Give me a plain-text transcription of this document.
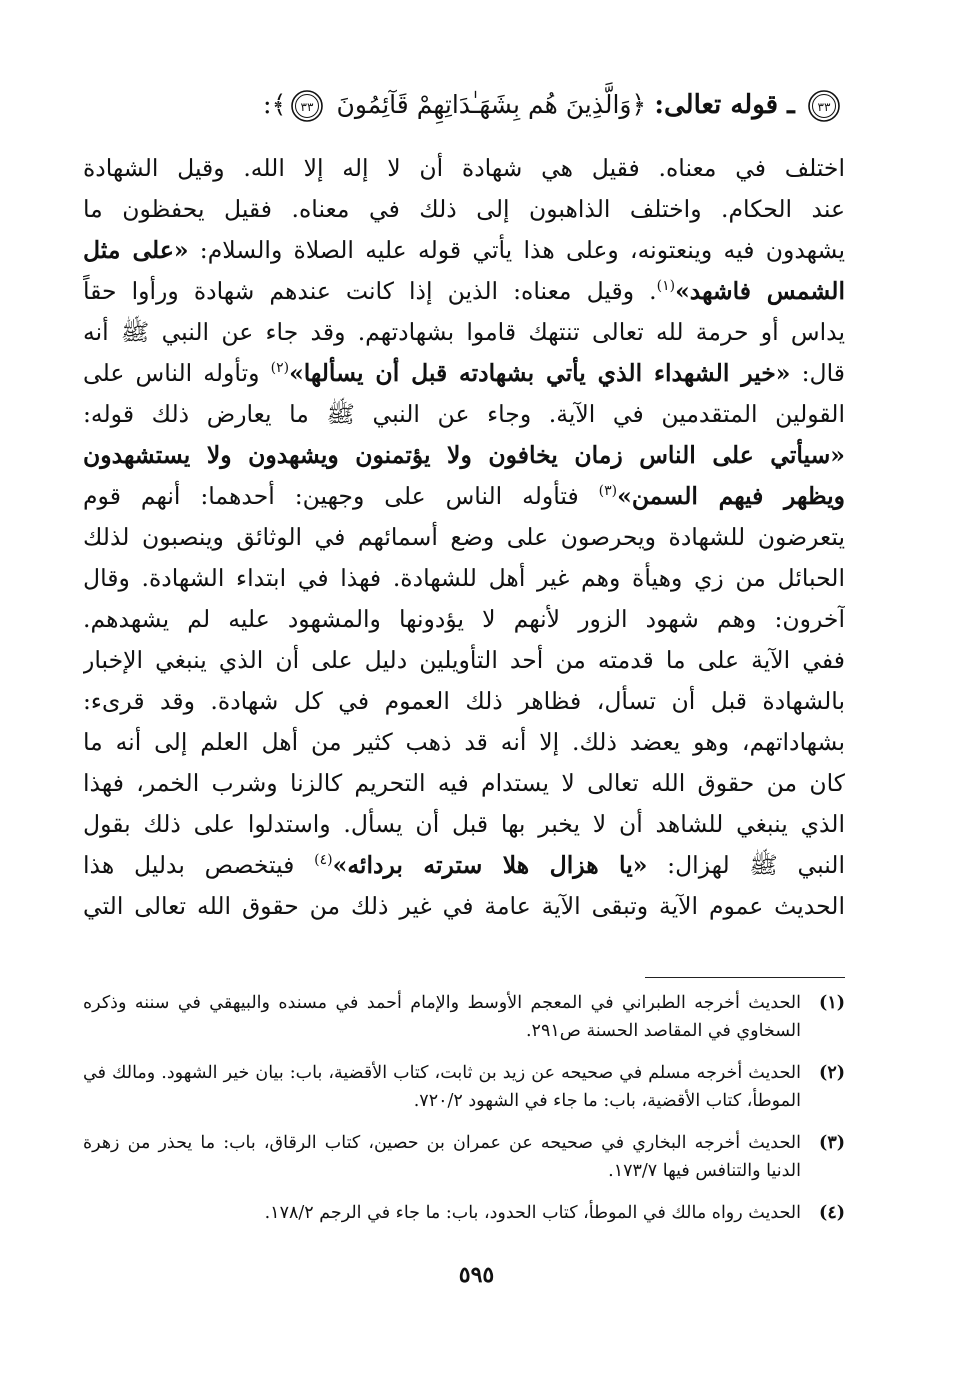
٣٣
ـ قوله تعالى: ﴿وَالَّذِينَ هُم بِشَهَـٰدَاتِهِمْ قَآئِمُونَ
٣٣
﴾:
اختلف في معناه. فقيل هي شهادة أن لا إله إلا الله. وقيل الشهادة
عند الحكام. واختلف الذاهبون إلى ذلك في معناه. فقيل يحفظون ما
يشهدون فيه وينعتونه، وعلى هذا يأتي قوله عليه الصلاة والسلام: «على مثل
الشمس فاشهد»$^{(١)}$. وقيل معناه: الذين إذا كانت عندهم شهادة ورأوا حقاً
يداس أو حرمة لله تعالى تنتهك قاموا بشهادتهم. وقد جاء عن النبي ﷺ أنه
قال: «خير الشهداء الذي يأتي بشهادته قبل أن يسألها»$^{(٢)}$ وتأوله الناس على
القولين المتقدمين في الآية. وجاء عن النبي ﷺ ما يعارض ذلك قوله:
«سيأتي على الناس زمان يخافون ولا يؤتمنون ويشهدون ولا يستشهدون
ويظهر فيهم السمن»$^{(٣)}$ فتأوله الناس على وجهين: أحدهما: أنهم قوم
يتعرضون للشهادة ويحرصون على وضع أسمائهم في الوثائق وينصبون لذلك
الحبائل من زي وهيأة وهم غير أهل للشهادة. فهذا في ابتداء الشهادة. وقال
آخرون: وهم شهود الزور لأنهم لا يؤدونها والمشهود عليه لم يشهدهم.
ففي الآية على ما قدمته من أحد التأويلين دليل على أن الذي ينبغي الإخبار
بالشهادة قبل أن تسأل، فظاهر ذلك العموم في كل شهادة. وقد قرىء:
بشهاداتهم، وهو يعضد ذلك. إلا أنه قد ذهب كثير من أهل العلم إلى أنه ما
كان من حقوق الله تعالى لا يستدام فيه التحريم كالزنا وشرب الخمر، فهذا
الذي ينبغي للشاهد أن لا يخبر بها قبل أن يسأل. واستدلوا على ذلك بقول
النبي ﷺ لهزال: «يا هزال هلا سترته بردائه»$^{(٤)}$ فيتخصص بدليل هذا
الحديث عموم الآية وتبقى الآية عامة في غير ذلك من حقوق الله تعالى التي
(١)
الحديث أخرجه الطبراني في المعجم الأوسط والإمام أحمد في مسنده والبيهقي في سننه وذكره السخاوي في المقاصد الحسنة ص٢٩١.
(٢)
الحديث أخرجه مسلم في صحيحه عن زيد بن ثابت، كتاب الأقضية، باب: بيان خير الشهود. ومالك في الموطأ، كتاب الأقضية، باب: ما جاء في الشهود ٧٢٠/٢.
(٣)
الحديث أخرجه البخاري في صحيحه عن عمران بن حصين، كتاب الرقاق، باب: ما يحذر من زهرة الدنيا والتنافس فيها ١٧٣/٧.
(٤)
الحديث رواه مالك في الموطأ، كتاب الحدود، باب: ما جاء في الرجم ١٧٨/٢.
٥٩٥
